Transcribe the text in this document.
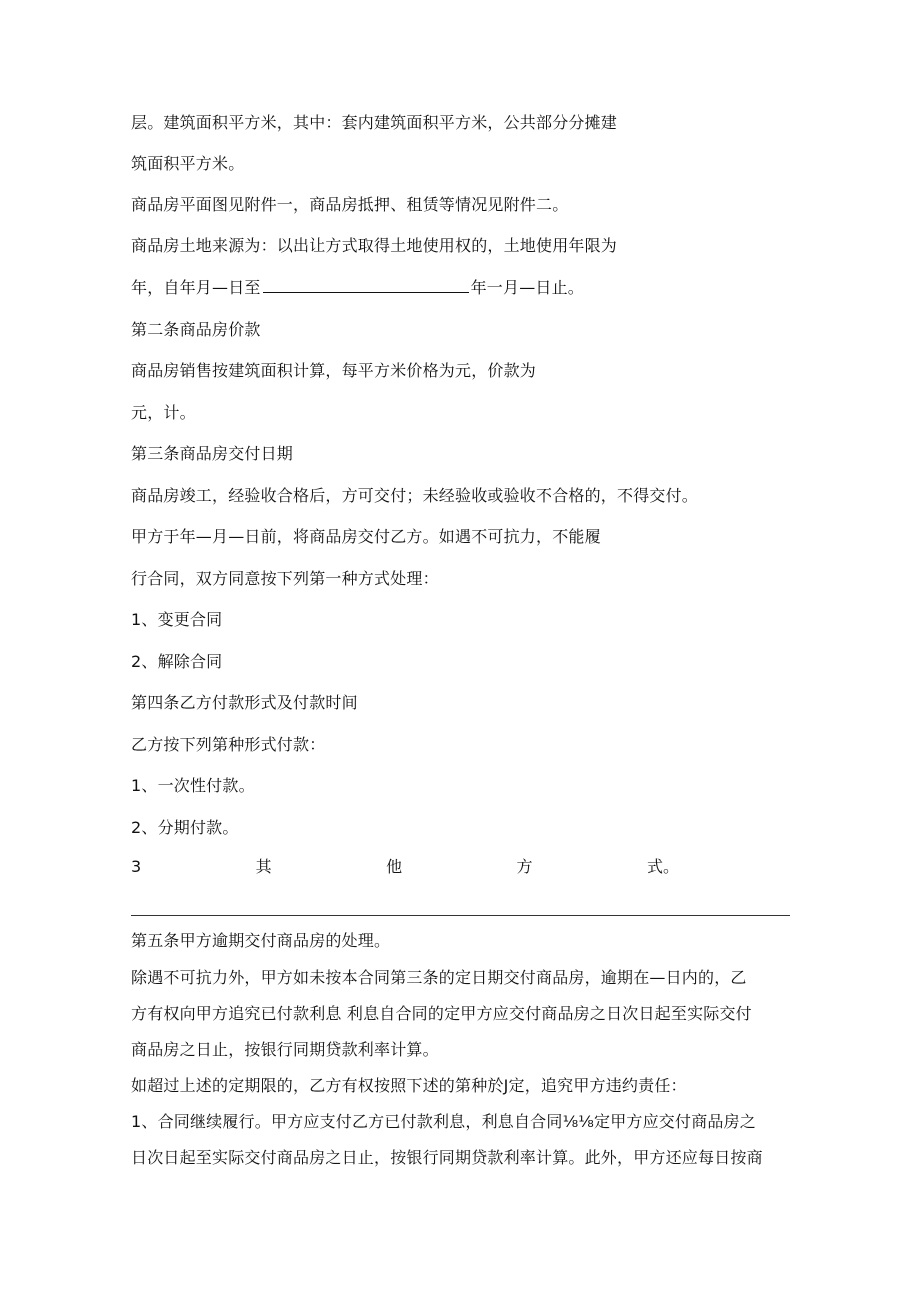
层。建筑面积平方米，其中：套内建筑面积平方米，公共部分分摊建
筑面积平方米。
商品房平面图见附件一，商品房抵押、租赁等情况见附件二。
商品房土地来源为：以出让方式取得土地使用权的，土地使用年限为
年，自年月—日至	年一月—日止。
第二条商品房价款
商品房销售按建筑面积计算，每平方米价格为元，价款为
元，计。
第三条商品房交付日期
商品房竣工，经验收合格后，方可交付；未经验收或验收不合格的，不得交付。
甲方于年—月—日前，将商品房交付乙方。如遇不可抗力，不能履
行合同，双方同意按下列第一种方式处理：
1、变更合同
2、解除合同
第四条乙方付款形式及付款时间
乙方按下列第种形式付款：
1、一次性付款。
2、分期付款。
3	其	他	方	式。
第五条甲方逾期交付商品房的处理。
除遇不可抗力外，甲方如未按本合同第三条的定日期交付商品房，逾期在—日内的，乙
方有权向甲方追究已付款利息 利息自合同的定甲方应交付商品房之日次日起至实际交付
商品房之日止，按银行同期贷款利率计算。
如超过上述的定期限的，乙方有权按照下述的第种於J定，追究甲方违约责任：
1、合同继续履行。甲方应支付乙方已付款利息，利息自合同⅛⅛定甲方应交付商品房之
日次日起至实际交付商品房之日止，按银行同期贷款利率计算。此外，甲方还应每日按商
